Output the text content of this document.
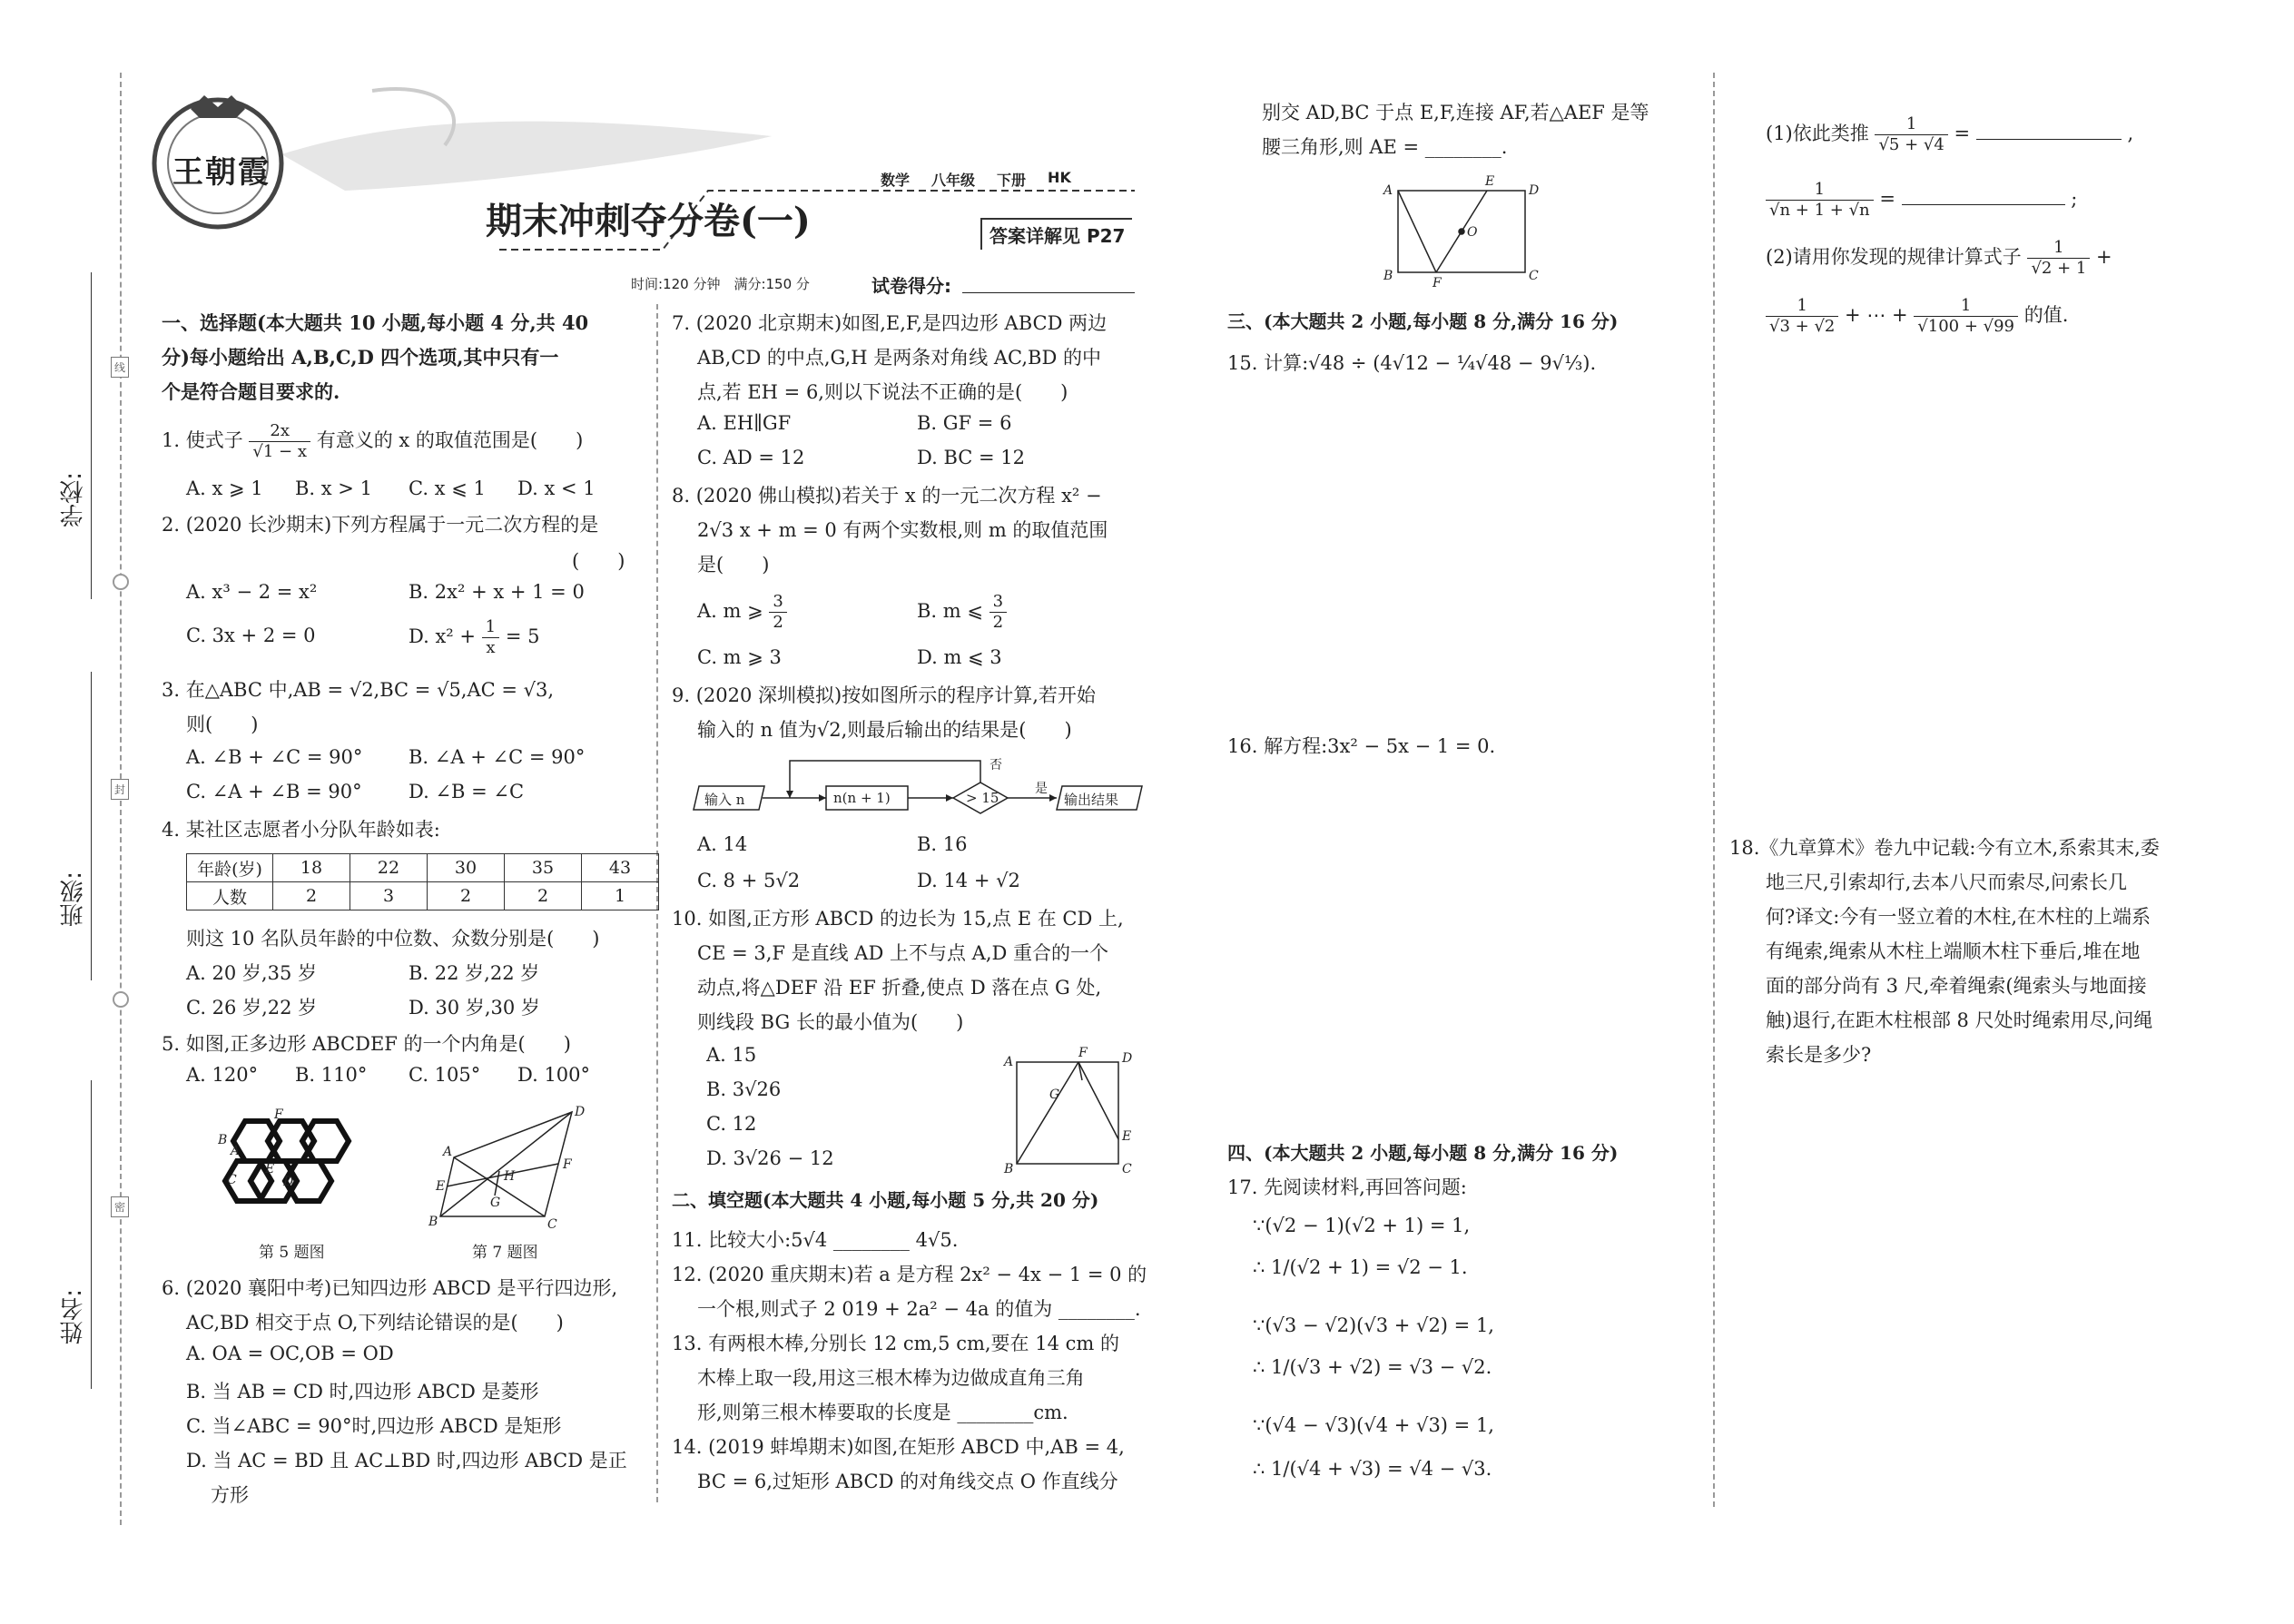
学校:
班级:
姓名:
线
封
密
王朝霞
期末冲刺夺分卷(一)
数学 八年级 下册 HK
答案详解见 P27
时间:120 分钟　满分:150 分	试卷得分:
一、选择题(本大题共 10 小题,每小题 4 分,共 40
分)每小题给出 A,B,C,D 四个选项,其中只有一
个是符合题目要求的.
1. 使式子 $\frac{2x}{√1 - x}$ 有意义的 x 的取值范围是(　　)
A. x ⩾ 1 B. x > 1 C. x ⩽ 1 D. x < 1
2. (2020 长沙期末)下列方程属于一元二次方程的是
(　　)
A. x³ − 2 = x²	B. 2x² + x + 1 = 0
C. 3x + 2 = 0	D. $x^2 + \frac{1}{x} = 5$
3. 在△ABC 中,AB = √2,BC = √5,AC = √3,
则(　　)
A. ∠B + ∠C = 90° B. ∠A + ∠C = 90°
C. ∠A + ∠B = 90° D. ∠B = ∠C
4. 某社区志愿者小分队年龄如表:
年龄(岁)	18	22	30	35	43
人数	2	3	2	2	1
则这 10 名队员年龄的中位数、众数分别是(　　)
A. 20 岁,35 岁	B. 22 岁,22 岁
C. 26 岁,22 岁	D. 30 岁,30 岁
5. 如图,正多边形 ABCDEF 的一个内角是(　　)
A. 120° B. 110° C. 105° D. 100°
B
F
A
E
C	D
第 5 题图
A
D
B	C
E
F
H
G
第 7 题图
6. (2020 襄阳中考)已知四边形 ABCD 是平行四边形,
AC,BD 相交于点 O,下列结论错误的是(　　)
A. OA = OC,OB = OD
B. 当 AB = CD 时,四边形 ABCD 是菱形
C. 当∠ABC = 90°时,四边形 ABCD 是矩形
D. 当 AC = BD 且 AC⊥BD 时,四边形 ABCD 是正
方形
7. (2020 北京期末)如图,E,F,是四边形 ABCD 两边
AB,CD 的中点,G,H 是两条对角线 AC,BD 的中
点,若 EH = 6,则以下说法不正确的是(　　)
A. EH∥GF	B. GF = 6
C. AD = 12	D. BC = 12
8. (2020 佛山模拟)若关于 x 的一元二次方程 x² −
2√3 x + m = 0 有两个实数根,则 m 的取值范围
是(　　)
A. m ⩾ $\frac{3}{2}$	B. m ⩽ $\frac{3}{2}$
C. m ⩾ 3	D. m ⩽ 3
9. (2020 深圳模拟)按如图所示的程序计算,若开始
输入的 n 值为√2,则最后输出的结果是(　　)
输入 n	n(n + 1)	> 15	输出结果
否
是
A. 14	B. 16
C. 8 + 5√2	D. 14 + √2
10. 如图,正方形 ABCD 的边长为 15,点 E 在 CD 上,
CE = 3,F 是直线 AD 上不与点 A,D 重合的一个
动点,将△DEF 沿 EF 折叠,使点 D 落在点 G 处,
则线段 BG 长的最小值为(　　)
A. 15
B. 3√26
C. 12
D. 3√26 − 12
A
F	D
G
E
B	C
二、填空题(本大题共 4 小题,每小题 5 分,共 20 分)
11. 比较大小:5√4 ________ 4√5.
12. (2020 重庆期末)若 a 是方程 2x² − 4x − 1 = 0 的
一个根,则式子 2 019 + 2a² − 4a 的值为 ________.
13. 有两根木棒,分别长 12 cm,5 cm,要在 14 cm 的
木棒上取一段,用这三根木棒为边做成直角三角
形,则第三根木棒要取的长度是 ________cm.
14. (2019 蚌埠期末)如图,在矩形 ABCD 中,AB = 4,
BC = 6,过矩形 ABCD 的对角线交点 O 作直线分
别交 AD,BC 于点 E,F,连接 AF,若△AEF 是等
腰三角形,则 AE = ________.
A
E
D
O
B	F	C
三、(本大题共 2 小题,每小题 8 分,满分 16 分)
15. 计算:√48 ÷ (4√12 − ¼√48 − 9√⅓).
16. 解方程:3x² − 5x − 1 = 0.
四、(本大题共 2 小题,每小题 8 分,满分 16 分)
17. 先阅读材料,再回答问题:
∵(√2 − 1)(√2 + 1) = 1,
∴ 1/(√2 + 1) = √2 − 1.
∵(√3 − √2)(√3 + √2) = 1,
∴ 1/(√3 + √2) = √3 − √2.
∵(√4 − √3)(√4 + √3) = 1,
∴ 1/(√4 + √3) = √4 − √3.
(1)依此类推 $\frac{1}{√5 + √4}$ =	,
$\frac{1}{√n + 1 + √n}$ =	;
(2)请用你发现的规律计算式子 $\frac{1}{√2 + 1}$ +
$\frac{1}{√3 + √2}$ + ⋯ + $\frac{1}{√100 + √99}$ 的值.
18.《九章算术》卷九中记载:今有立木,系索其末,委
地三尺,引索却行,去本八尺而索尽,问索长几
何?译文:今有一竖立着的木柱,在木柱的上端系
有绳索,绳索从木柱上端顺木柱下垂后,堆在地
面的部分尚有 3 尺,牵着绳索(绳索头与地面接
触)退行,在距木柱根部 8 尺处时绳索用尽,问绳
索长是多少?
